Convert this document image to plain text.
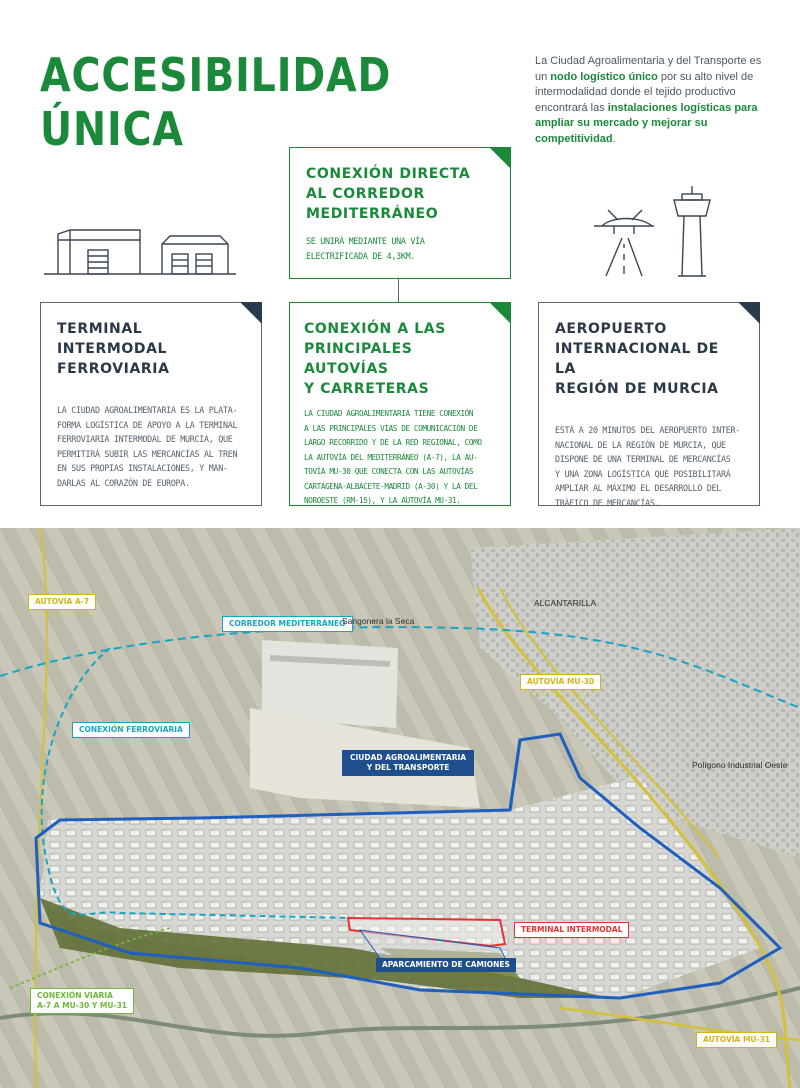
ACCESIBILIDAD
ÚNICA

La Ciudad Agroalimentaria y del Transporte es un nodo logístico único por su alto nivel de intermodalidad donde el tejido productivo encontrará las instalaciones logísticas para ampliar su mercado y mejorar su competitividad.

CONEXIÓN DIRECTA
AL CORREDOR
MEDITERRÁNEO
SE UNIRÁ MEDIANTE UNA VÍA
ELECTRIFICADA DE 4,3KM.
TERMINAL
INTERMODAL
FERROVIARIA
LA CIUDAD AGROALIMENTARIA ES LA PLATA-
FORMA LOGÍSTICA DE APOYO A LA TERMINAL
FERROVIARIA INTERMODAL DE MURCIA, QUE
PERMITIRÁ SUBIR LAS MERCANCÍAS AL TREN
EN SUS PROPIAS INSTALACIONES, Y MAN-
DARLAS AL CORAZÓN DE EUROPA.
CONEXIÓN A LAS
PRINCIPALES AUTOVÍAS
Y CARRETERAS
LA CIUDAD AGROALIMENTARIA TIENE CONEXIÓN
A LAS PRINCIPALES VÍAS DE COMUNICACIÓN DE
LARGO RECORRIDO Y DE LA RED REGIONAL, COMO
LA AUTOVÍA DEL MEDITERRÁNEO (A-7), LA AU-
TOVÍA MU-30 QUE CONECTA CON LAS AUTOVÍAS
CARTAGENA-ALBACETE-MADRID (A-30) Y LA DEL
NOROESTE (RM-15), Y LA AUTOVÍA MU-31.
AEROPUERTO
INTERNACIONAL DE LA
REGIÓN DE MURCIA
ESTÁ A 20 MINUTOS DEL AEROPUERTO INTER-
NACIONAL DE LA REGIÓN DE MURCIA, QUE
DISPONE DE UNA TERMINAL DE MERCANCÍAS
Y UNA ZONA LOGÍSTICA QUE POSIBILITARÁ
AMPLIAR AL MÁXIMO EL DESARROLLO DEL
TRÁFICO DE MERCANCÍAS.
AUTOVÍA A-7
CORREDOR MEDITERRÁNEO
Sangonera la Seca
ALCANTARILLA
AUTOVÍA MU-30
CONEXIÓN FERROVIARIA
CIUDAD AGROALIMENTARIA
Y DEL TRANSPORTE	Polígono Industrial Oeste
TERMINAL INTERMODAL
APARCAMIENTO DE CAMIONES
CONEXIÓN VIARIA
A-7 A MU-30 Y MU-31
AUTOVÍA MU-31
